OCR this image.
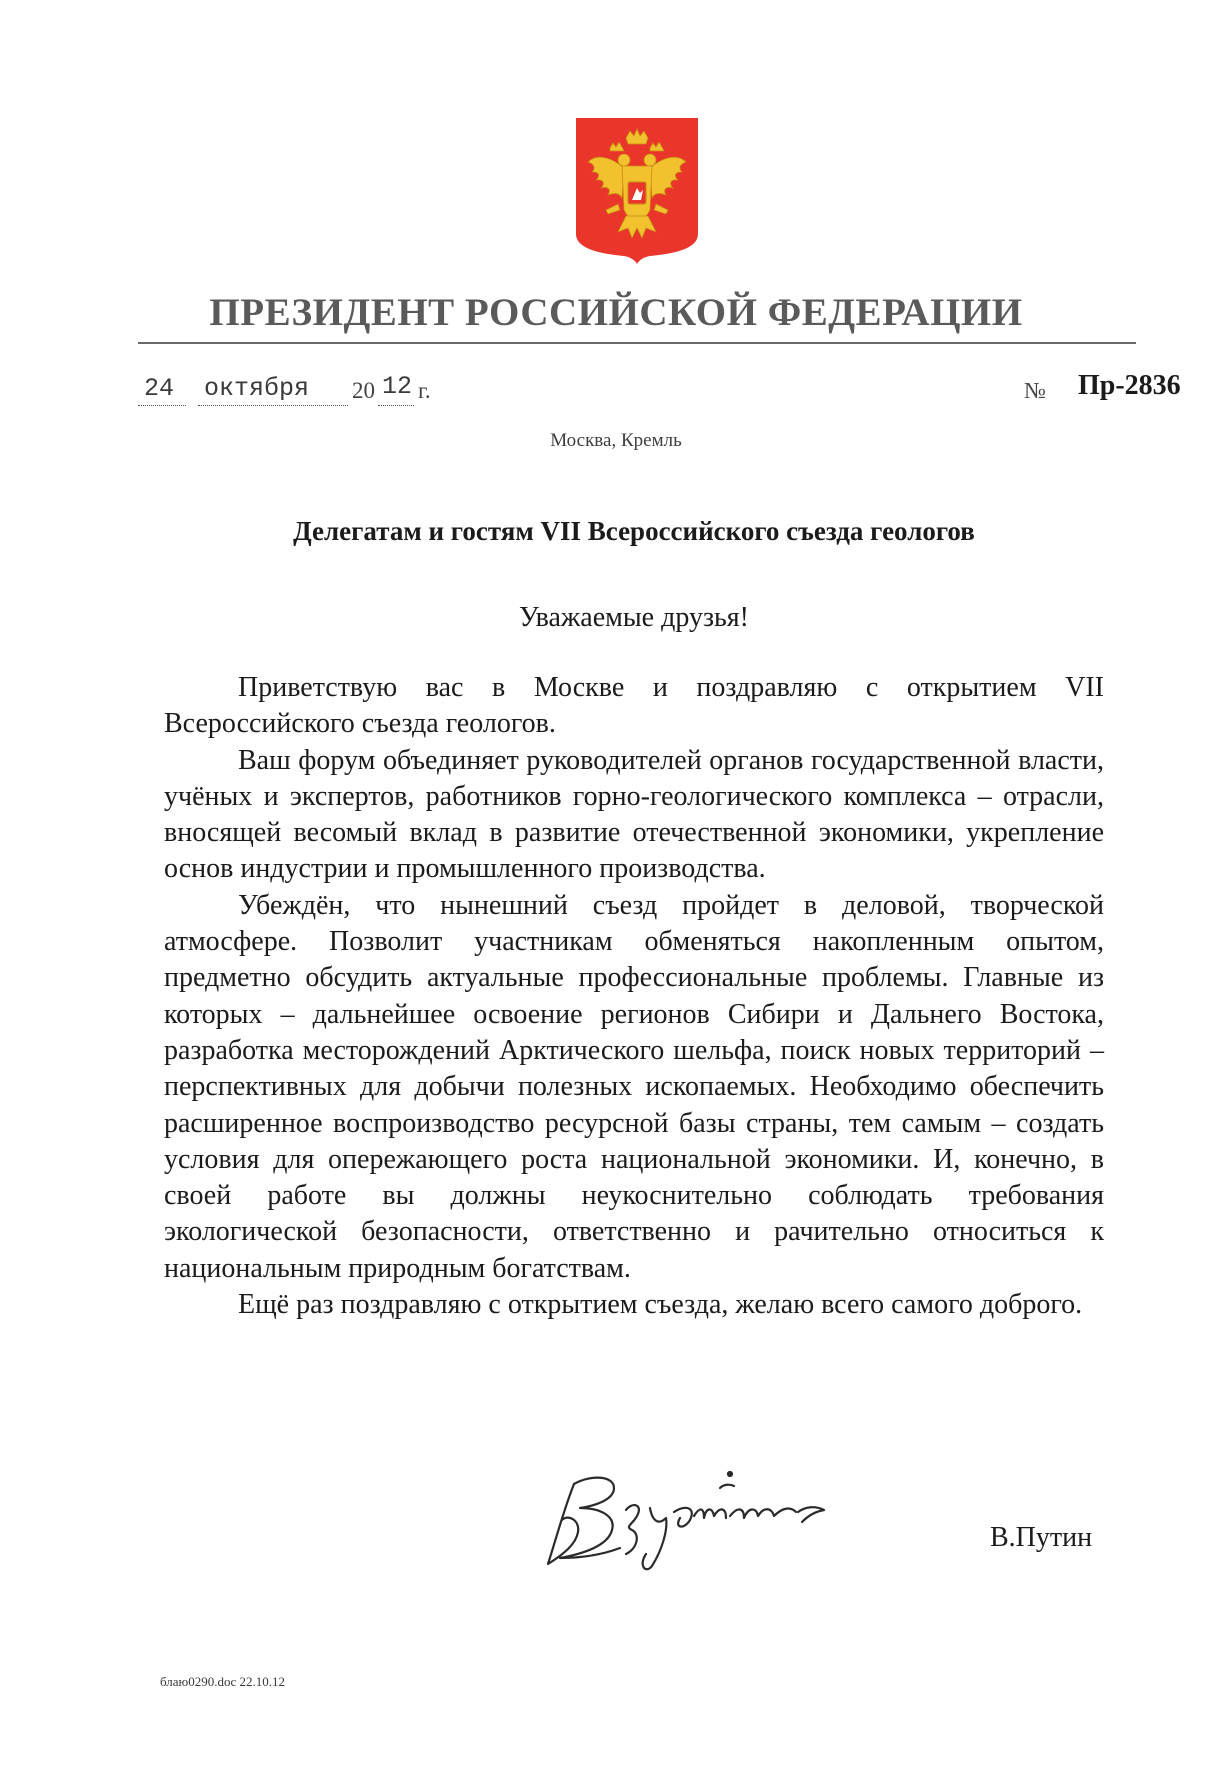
ПРЕЗИДЕНТ РОССИЙСКОЙ ФЕДЕРАЦИИ
24 октября 20 12 г.	№ Пр-2836
Москва, Кремль
Делегатам и гостям VII Всероссийского съезда геологов
Уважаемые друзья!

Приветствую вас в Москве и поздравляю с открытием VII Всероссийского съезда геологов.

Ваш форум объединяет руководителей органов государственной власти, учёных и экспертов, работников горно-геологического комплекса – отрасли, вносящей весомый вклад в развитие отечественной экономики, укрепление основ индустрии и промышленного производства.

Убеждён, что нынешний съезд пройдет в деловой, творческой атмосфере. Позволит участникам обменяться накопленным опытом, предметно обсудить актуальные профессиональные проблемы. Главные из которых – дальнейшее освоение регионов Сибири и Дальнего Востока, разработка месторождений Арктического шельфа, поиск новых территорий – перспективных для добычи полезных ископаемых. Необходимо обеспечить расширенное воспроизводство ресурсной базы страны, тем самым – создать условия для опережающего роста национальной экономики. И, конечно, в своей работе вы должны неукоснительно соблюдать требования экологической безопасности, ответственно и рачительно относиться к национальным природным богатствам.

Ещё раз поздравляю с открытием съезда, желаю всего самого доброго.

В.Путин
блаю0290.doc 22.10.12
